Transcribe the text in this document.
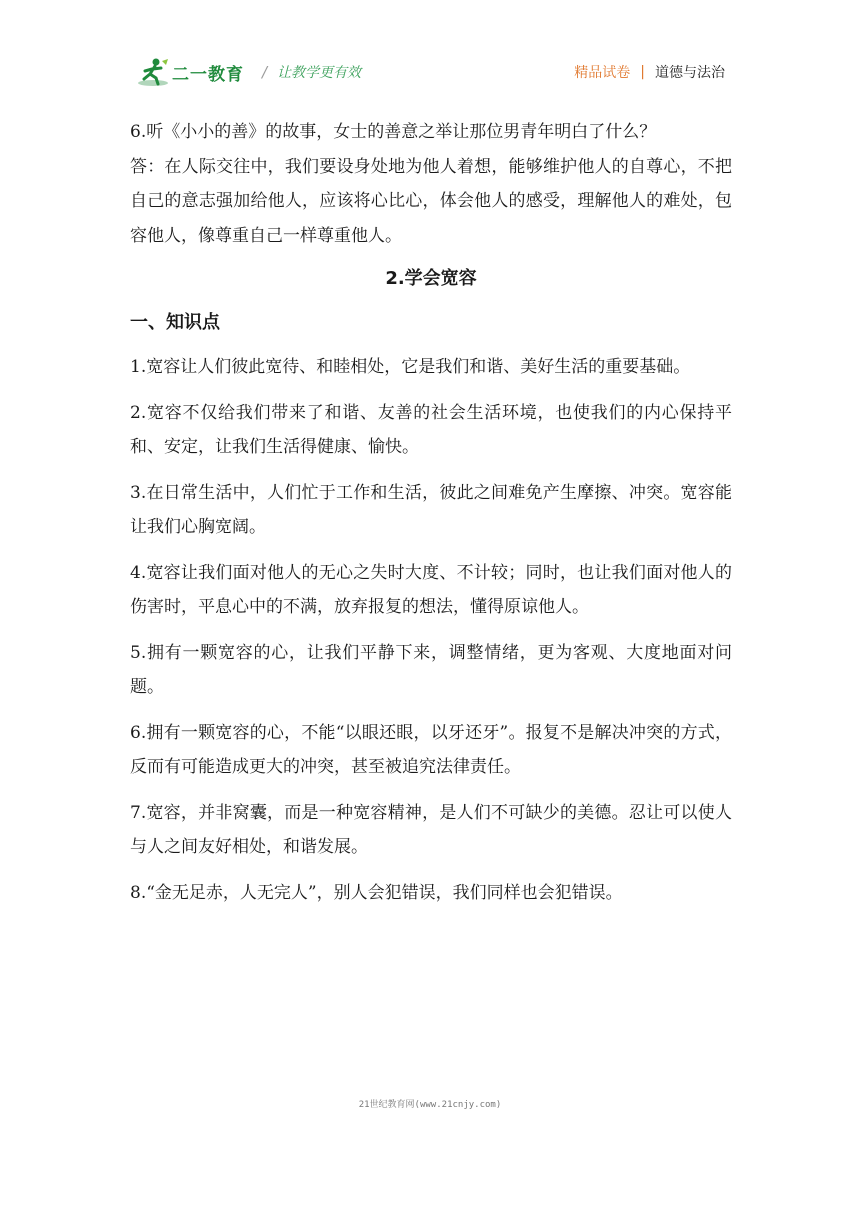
二一教育 / 让教学更有效	精品试卷 | 道德与法治

6.听《小小的善》的故事，女士的善意之举让那位男青年明白了什么？

答：在人际交往中，我们要设身处地为他人着想，能够维护他人的自尊心，不把自己的意志强加给他人，应该将心比心，体会他人的感受，理解他人的难处，包容他人，像尊重自己一样尊重他人。

2.学会宽容
一、知识点

1.宽容让人们彼此宽待、和睦相处，它是我们和谐、美好生活的重要基础。

2.宽容不仅给我们带来了和谐、友善的社会生活环境，也使我们的内心保持平和、安定，让我们生活得健康、愉快。

3.在日常生活中，人们忙于工作和生活，彼此之间难免产生摩擦、冲突。宽容能让我们心胸宽阔。

4.宽容让我们面对他人的无心之失时大度、不计较；同时，也让我们面对他人的伤害时，平息心中的不满，放弃报复的想法，懂得原谅他人。

5.拥有一颗宽容的心，让我们平静下来，调整情绪，更为客观、大度地面对问题。

6.拥有一颗宽容的心，不能“以眼还眼，以牙还牙”。报复不是解决冲突的方式，反而有可能造成更大的冲突，甚至被追究法律责任。

7.宽容，并非窝囊，而是一种宽容精神，是人们不可缺少的美德。忍让可以使人与人之间友好相处，和谐发展。

8.“金无足赤，人无完人”，别人会犯错误，我们同样也会犯错误。

21世纪教育网(www.21cnjy.com)
